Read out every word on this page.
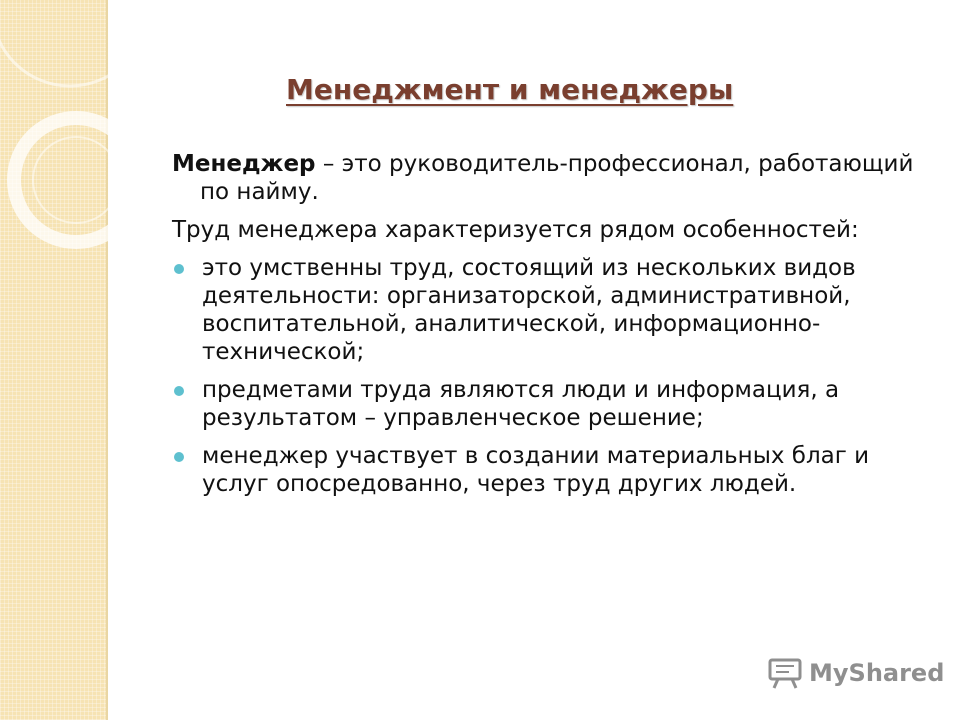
Менеджмент и менеджеры

Менеджер – это руководитель-профессионал, работающий по найму.

Труд менеджера характеризуется рядом особенностей:

это умственны труд, состоящий из нескольких видов деятельности: организаторской, административной, воспитательной, аналитической, информационно-технической;
предметами труда являются люди и информация, а результатом – управленческое решение;
менеджер участвует в создании материальных благ и услуг опосредованно, через труд других людей.
MyShared
